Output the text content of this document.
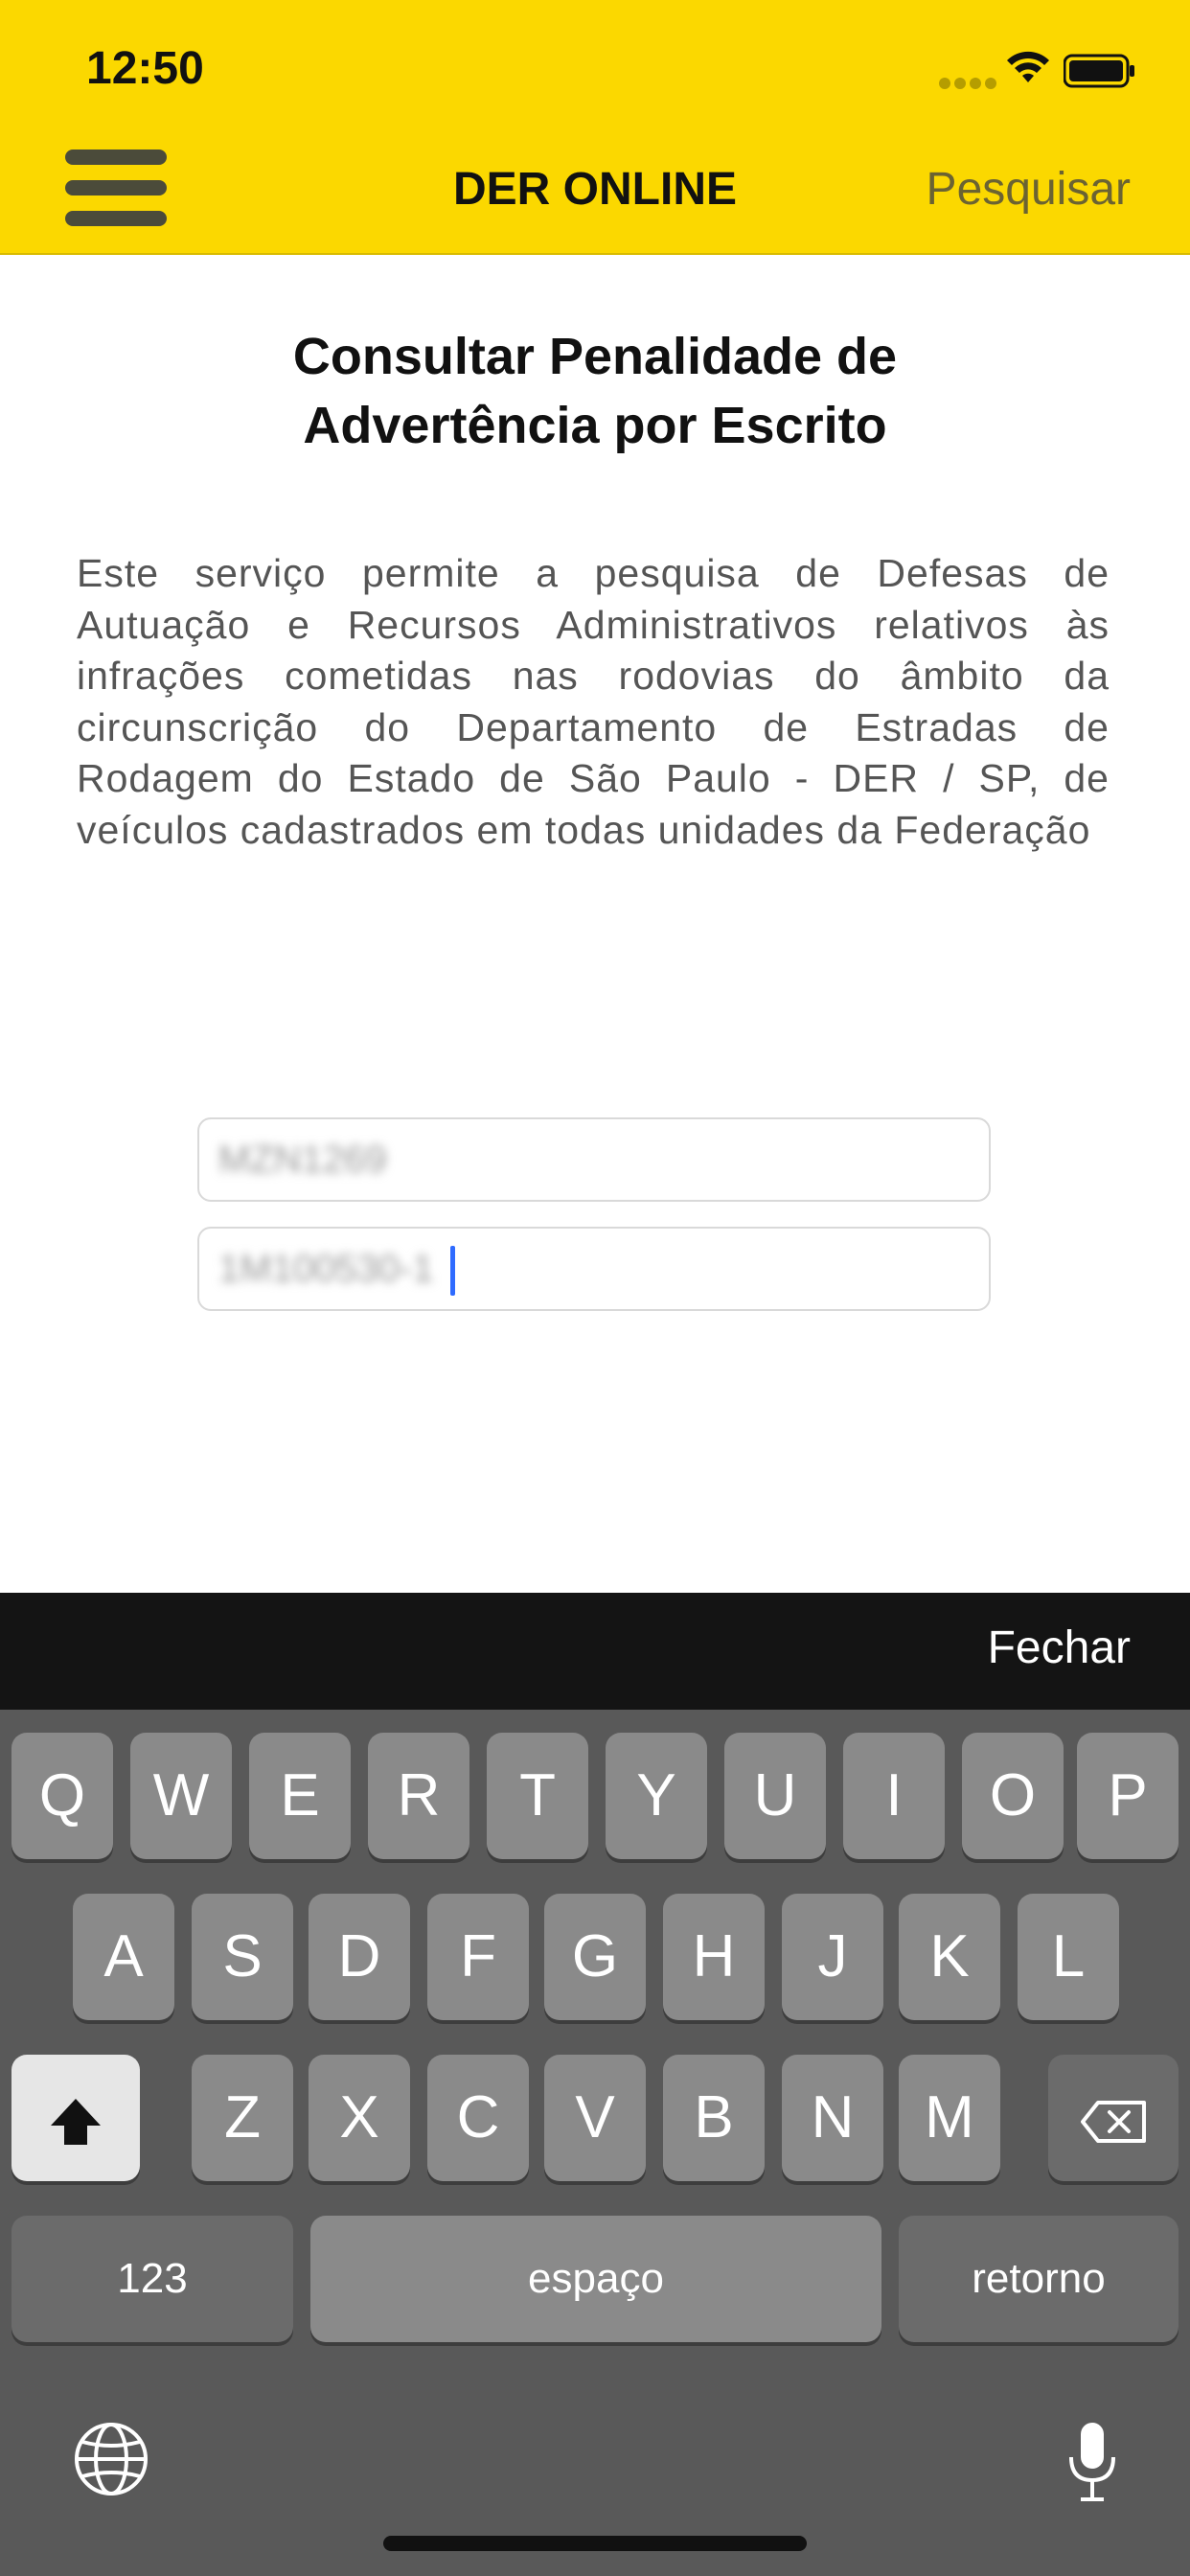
12:50
DER ONLINE	Pesquisar
Consultar Penalidade de
Advertência por Escrito
Este serviço permite a pesquisa de Defesas de Autuação e Recursos Administrativos relativos às infrações cometidas nas rodovias do âmbito da circunscrição do Departamento de Estradas de Rodagem do Estado de São Paulo - DER / SP, de veículos cadastrados em todas unidades da Federação
MZN1269
1M100530-1
Fechar
Q	W	E	R	T	Y	U	I	O	P
A	S	D	F	G	H	J	K	L
Z	X	C	V	B	N	M
123	espaço	retorno
